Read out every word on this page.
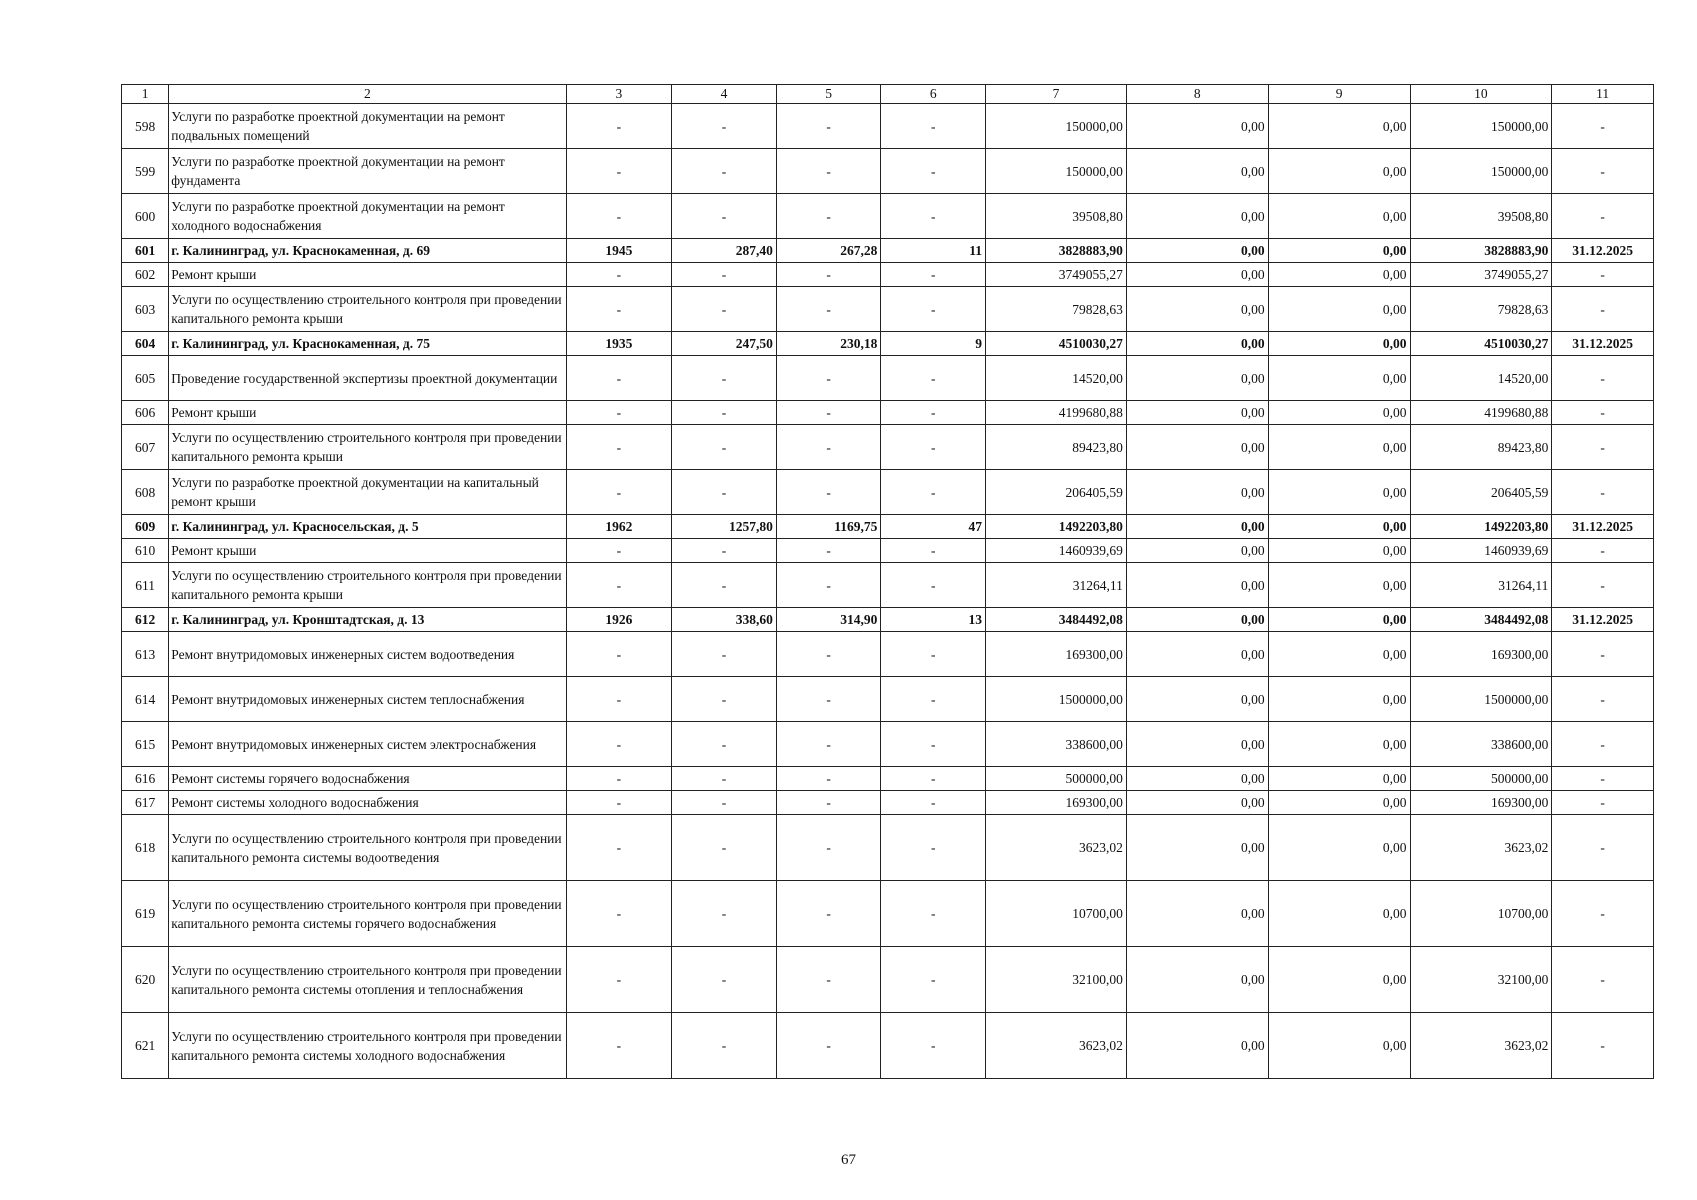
1	2	3	4	5	6	7	8	9	10	11
598	Услуги по разработке проектной документации на ремонт подвальных помещений	-	-	-	-	150000,00	0,00	0,00	150000,00	-
599	Услуги по разработке проектной документации на ремонт фундамента	-	-	-	-	150000,00	0,00	0,00	150000,00	-
600	Услуги по разработке проектной документации на ремонт холодного водоснабжения	-	-	-	-	39508,80	0,00	0,00	39508,80	-
601	г. Калининград, ул. Краснокаменная, д. 69	1945	287,40	267,28	11	3828883,90	0,00	0,00	3828883,90	31.12.2025
602	Ремонт крыши	-	-	-	-	3749055,27	0,00	0,00	3749055,27	-
603	Услуги по осуществлению строительного контроля при проведении капитального ремонта крыши	-	-	-	-	79828,63	0,00	0,00	79828,63	-
604	г. Калининград, ул. Краснокаменная, д. 75	1935	247,50	230,18	9	4510030,27	0,00	0,00	4510030,27	31.12.2025
605	Проведение государственной экспертизы проектной документации	-	-	-	-	14520,00	0,00	0,00	14520,00	-
606	Ремонт крыши	-	-	-	-	4199680,88	0,00	0,00	4199680,88	-
607	Услуги по осуществлению строительного контроля при проведении капитального ремонта крыши	-	-	-	-	89423,80	0,00	0,00	89423,80	-
608	Услуги по разработке проектной документации на капитальный ремонт крыши	-	-	-	-	206405,59	0,00	0,00	206405,59	-
609	г. Калининград, ул. Красносельская, д. 5	1962	1257,80	1169,75	47	1492203,80	0,00	0,00	1492203,80	31.12.2025
610	Ремонт крыши	-	-	-	-	1460939,69	0,00	0,00	1460939,69	-
611	Услуги по осуществлению строительного контроля при проведении капитального ремонта крыши	-	-	-	-	31264,11	0,00	0,00	31264,11	-
612	г. Калининград, ул. Кронштадтская, д. 13	1926	338,60	314,90	13	3484492,08	0,00	0,00	3484492,08	31.12.2025
613	Ремонт внутридомовых инженерных систем водоотведения	-	-	-	-	169300,00	0,00	0,00	169300,00	-
614	Ремонт внутридомовых инженерных систем теплоснабжения	-	-	-	-	1500000,00	0,00	0,00	1500000,00	-
615	Ремонт внутридомовых инженерных систем электроснабжения	-	-	-	-	338600,00	0,00	0,00	338600,00	-
616	Ремонт системы горячего водоснабжения	-	-	-	-	500000,00	0,00	0,00	500000,00	-
617	Ремонт системы холодного водоснабжения	-	-	-	-	169300,00	0,00	0,00	169300,00	-
618	Услуги по осуществлению строительного контроля при проведении капитального ремонта системы водоотведения	-	-	-	-	3623,02	0,00	0,00	3623,02	-
619	Услуги по осуществлению строительного контроля при проведении капитального ремонта системы горячего водоснабжения	-	-	-	-	10700,00	0,00	0,00	10700,00	-
620	Услуги по осуществлению строительного контроля при проведении капитального ремонта системы отопления и теплоснабжения	-	-	-	-	32100,00	0,00	0,00	32100,00	-
621	Услуги по осуществлению строительного контроля при проведении капитального ремонта системы холодного водоснабжения	-	-	-	-	3623,02	0,00	0,00	3623,02	-
67
